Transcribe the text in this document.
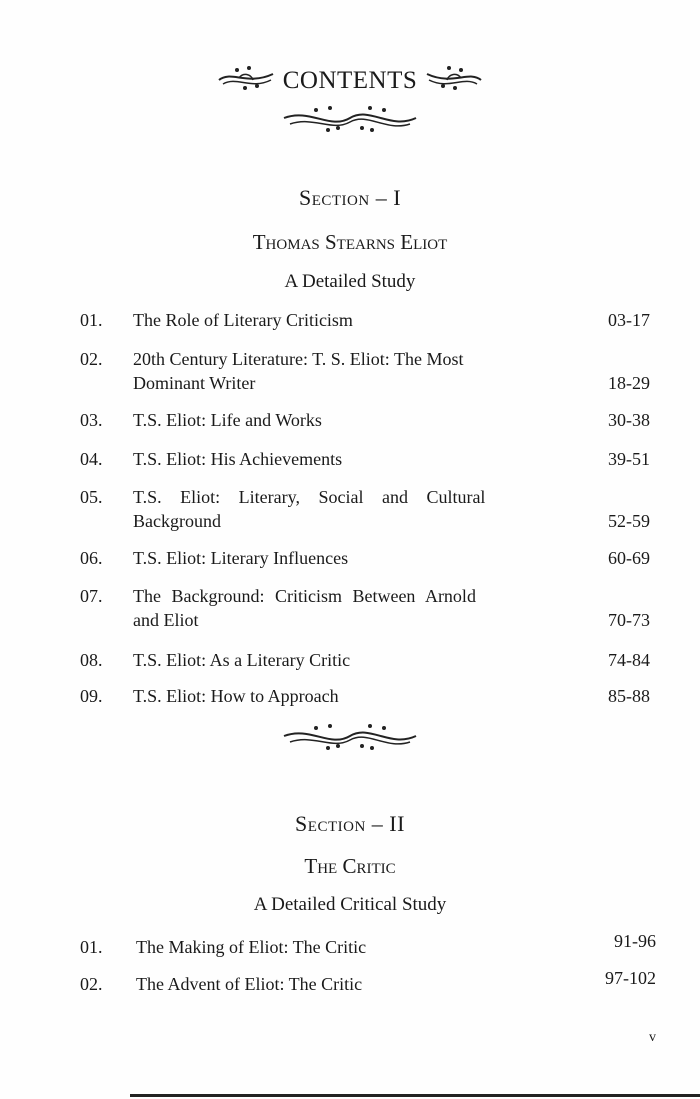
CONTENTS
Section – I
Thomas Stearns Eliot
A Detailed Study
01. The Role of Literary Criticism	03-17
02. 20th Century Literature: T. S. Eliot: The Most
Dominant Writer	18-29
03. T.S. Eliot: Life and Works	30-38
04. T.S. Eliot: His Achievements	39-51
05. T.S. Eliot: Literary, Social and Cultural
Background	52-59
06. T.S. Eliot: Literary Influences	60-69
07. The Background: Criticism Between Arnold
and Eliot	70-73
08. T.S. Eliot: As a Literary Critic	74-84
09. T.S. Eliot: How to Approach	85-88
Section – II
The Critic
A Detailed Critical Study
01. The Making of Eliot: The Critic	91-96
02. The Advent of Eliot: The Critic	97-102
v
